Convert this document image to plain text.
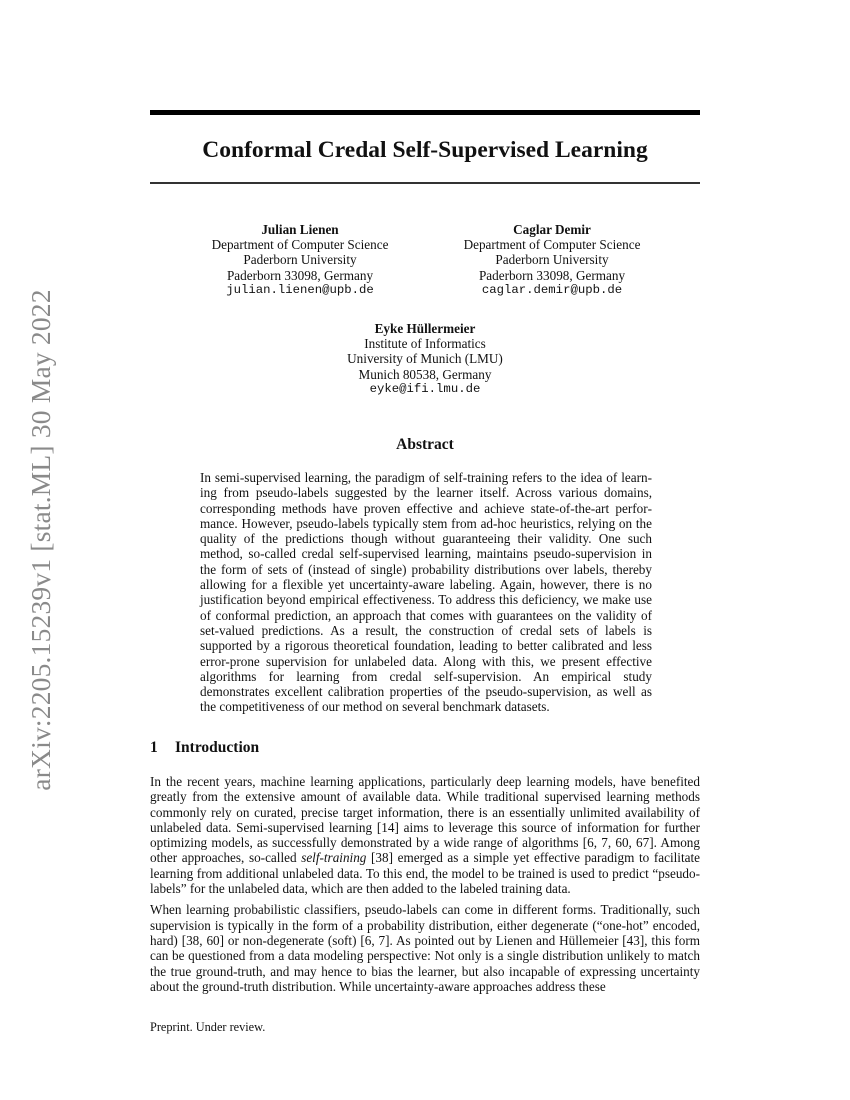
arXiv:2205.15239v1 [stat.ML] 30 May 2022
Conformal Credal Self-Supervised Learning
Julian Lienen
Department of Computer Science
Paderborn University
Paderborn 33098, Germany
julian.lienen@upb.de
Caglar Demir
Department of Computer Science
Paderborn University
Paderborn 33098, Germany
caglar.demir@upb.de
Eyke Hüllermeier
Institute of Informatics
University of Munich (LMU)
Munich 80538, Germany
eyke@ifi.lmu.de
Abstract
In semi-supervised learning, the paradigm of self-training refers to the idea of learning from pseudo-labels suggested by the learner itself. Across various domains, corresponding methods have proven effective and achieve state-of-the-art performance. However, pseudo-labels typically stem from ad-hoc heuristics, relying on the quality of the predictions though without guaranteeing their validity. One such method, so-called credal self-supervised learning, maintains pseudo-supervision in the form of sets of (instead of single) probability distributions over labels, thereby allowing for a flexible yet uncertainty-aware labeling. Again, however, there is no justification beyond empirical effectiveness. To address this deficiency, we make use of conformal prediction, an approach that comes with guarantees on the validity of set-valued predictions. As a result, the construction of credal sets of labels is supported by a rigorous theoretical foundation, leading to better calibrated and less error-prone supervision for unlabeled data. Along with this, we present effective algorithms for learning from credal self-supervision. An empirical study demonstrates excellent calibration properties of the pseudo-supervision, as well as the competitiveness of our method on several benchmark datasets.
1 Introduction

In the recent years, machine learning applications, particularly deep learning models, have benefited greatly from the extensive amount of available data. While traditional supervised learning methods commonly rely on curated, precise target information, there is an essentially unlimited availability of unlabeled data. Semi-supervised learning [14] aims to leverage this source of information for further optimizing models, as successfully demonstrated by a wide range of algorithms [6, 7, 60, 67]. Among other approaches, so-called self-training [38] emerged as a simple yet effective paradigm to facilitate learning from additional unlabeled data. To this end, the model to be trained is used to predict “pseudo-labels” for the unlabeled data, which are then added to the labeled training data.

When learning probabilistic classifiers, pseudo-labels can come in different forms. Traditionally, such supervision is typically in the form of a probability distribution, either degenerate (“one-hot” encoded, hard) [38, 60] or non-degenerate (soft) [6, 7]. As pointed out by Lienen and Hüllemeier [43], this form can be questioned from a data modeling perspective: Not only is a single distribution unlikely to match the true ground-truth, and may hence to bias the learner, but also incapable of expressing uncertainty about the ground-truth distribution. While uncertainty-aware approaches address these

Preprint. Under review.
